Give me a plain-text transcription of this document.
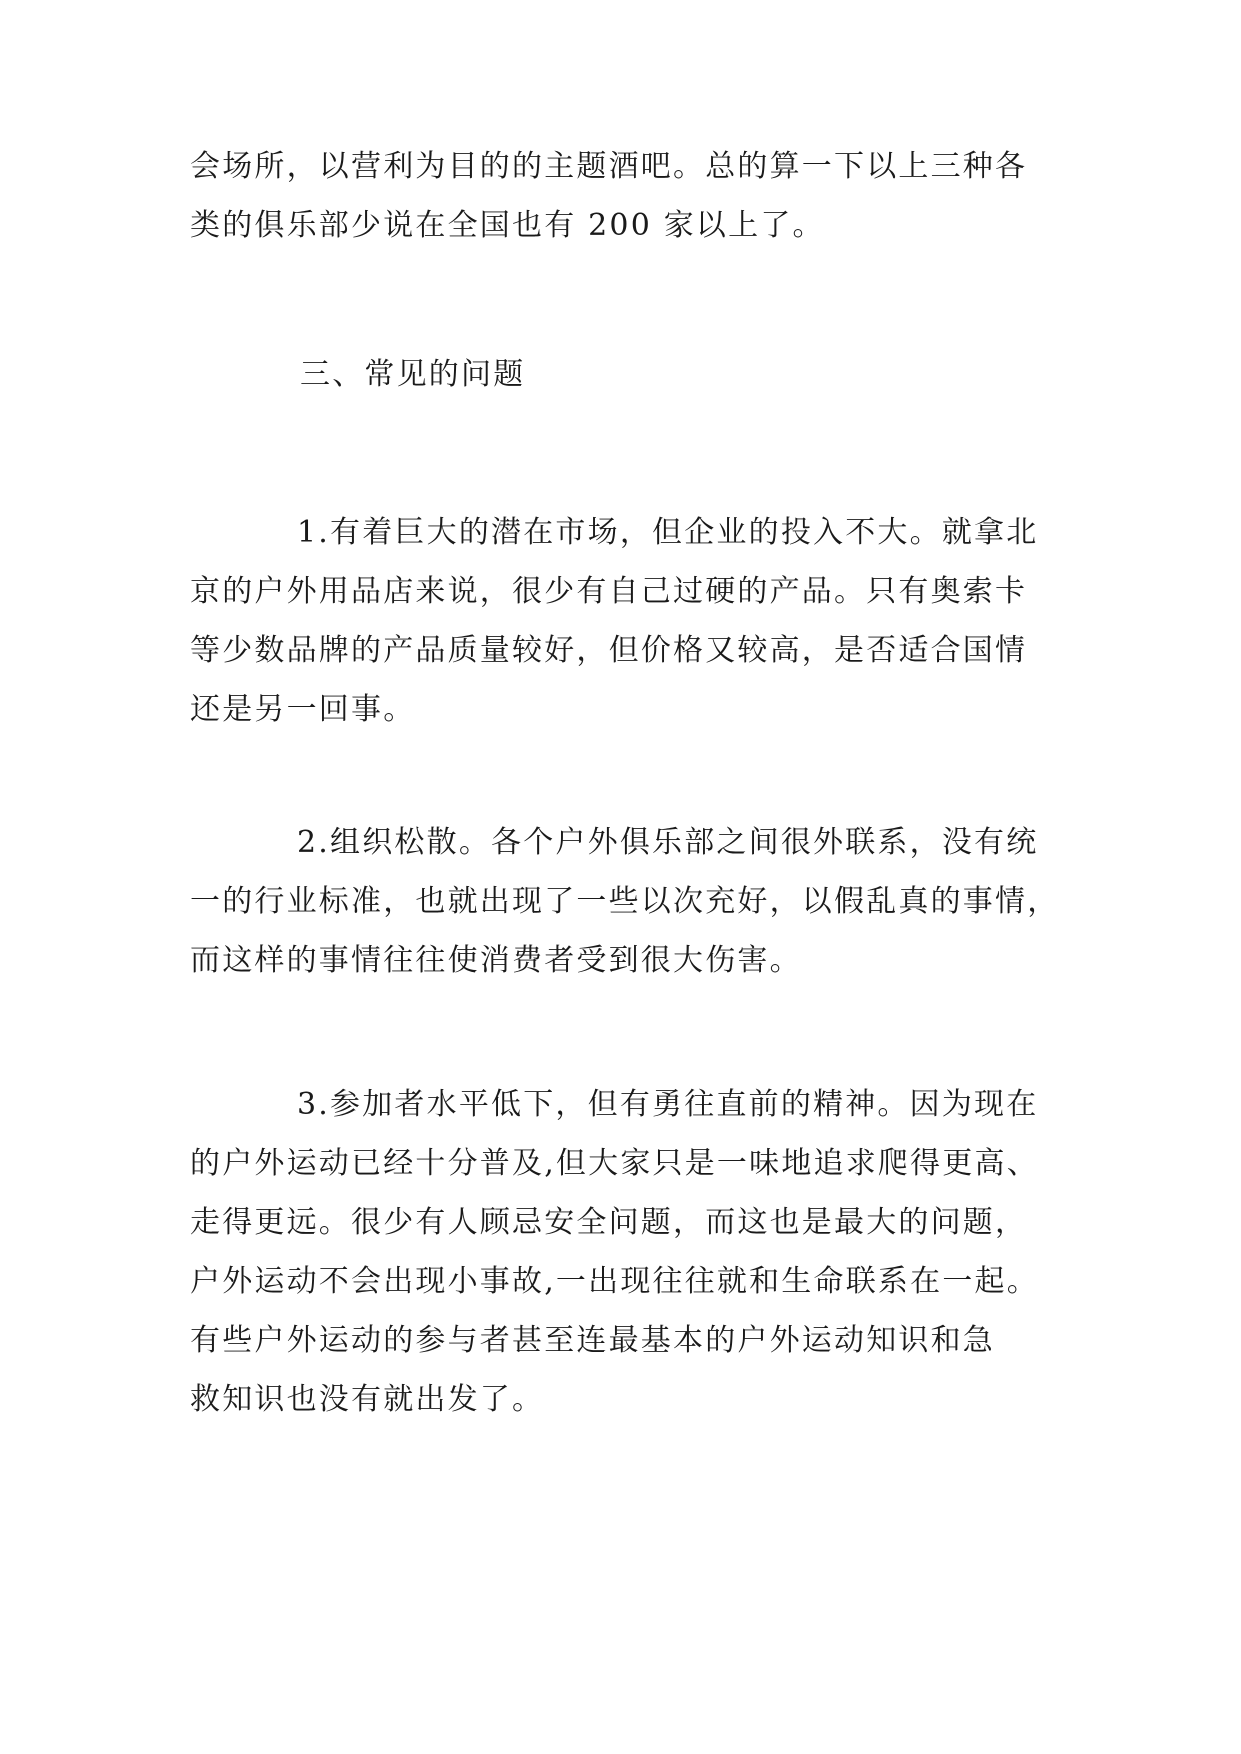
会场所，以营利为目的的主题酒吧。总的算一下以上三种各
类的俱乐部少说在全国也有 200 家以上了。
三、常见的问题
1.有着巨大的潜在市场，但企业的投入不大。就拿北
京的户外用品店来说，很少有自己过硬的产品。只有奥索卡
等少数品牌的产品质量较好，但价格又较高，是否适合国情
还是另一回事。
2.组织松散。各个户外俱乐部之间很外联系，没有统
一的行业标准，也就出现了一些以次充好，以假乱真的事情，
而这样的事情往往使消费者受到很大伤害。
3.参加者水平低下，但有勇往直前的精神。因为现在
的户外运动已经十分普及,但大家只是一味地追求爬得更高、
走得更远。很少有人顾忌安全问题，而这也是最大的问题，
户外运动不会出现小事故,一出现往往就和生命联系在一起。
有些户外运动的参与者甚至连最基本的户外运动知识和急
救知识也没有就出发了。
